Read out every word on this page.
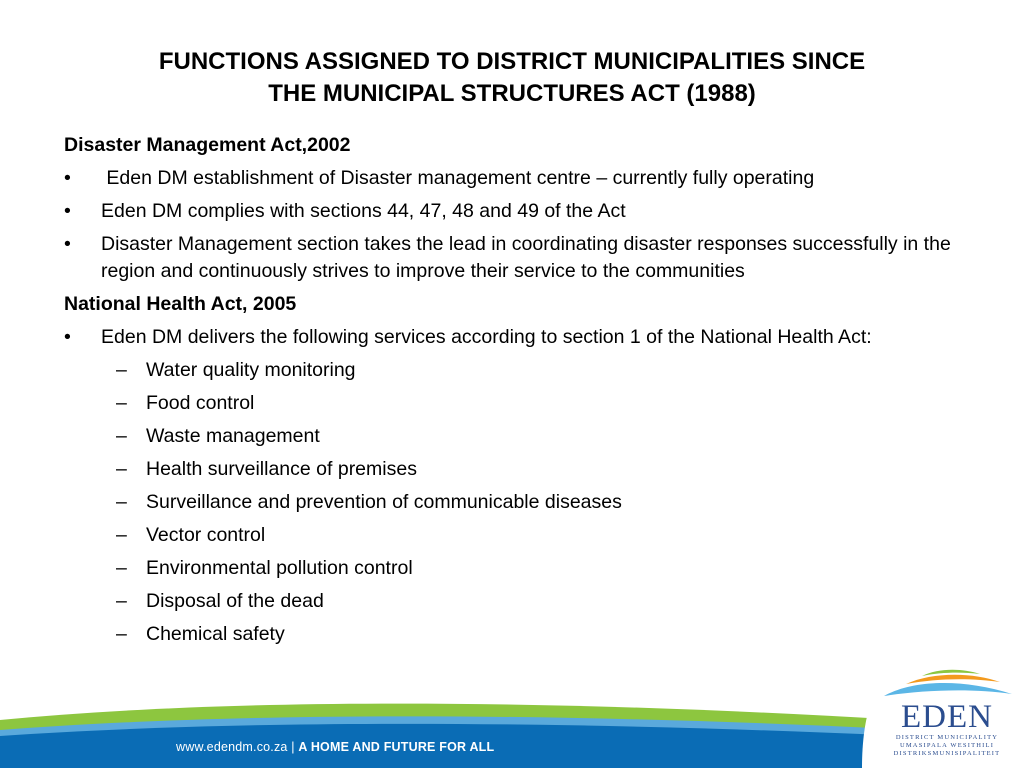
FUNCTIONS ASSIGNED TO DISTRICT MUNICIPALITIES SINCE
THE MUNICIPAL STRUCTURES ACT (1988)

Disaster Management Act,2002

• Eden DM establishment of Disaster management centre – currently fully operating
• Eden DM complies with sections 44, 47, 48 and 49 of the Act
• Disaster Management section takes the lead in coordinating disaster responses successfully in the region and continuously strives to improve their service to the communities

National Health Act, 2005

• Eden DM delivers the following services according to section 1 of the National Health Act:
– Water quality monitoring
– Food control
– Waste management
– Health surveillance of premises
– Surveillance and prevention of communicable diseases
– Vector control
– Environmental pollution control
– Disposal of the dead
– Chemical safety
www.edendm.co.za | A HOME AND FUTURE FOR ALL
EDEN
DISTRICT MUNICIPALITY
UMASIPALA WESITHILI
DISTRIKSMUNISIPALITEIT
